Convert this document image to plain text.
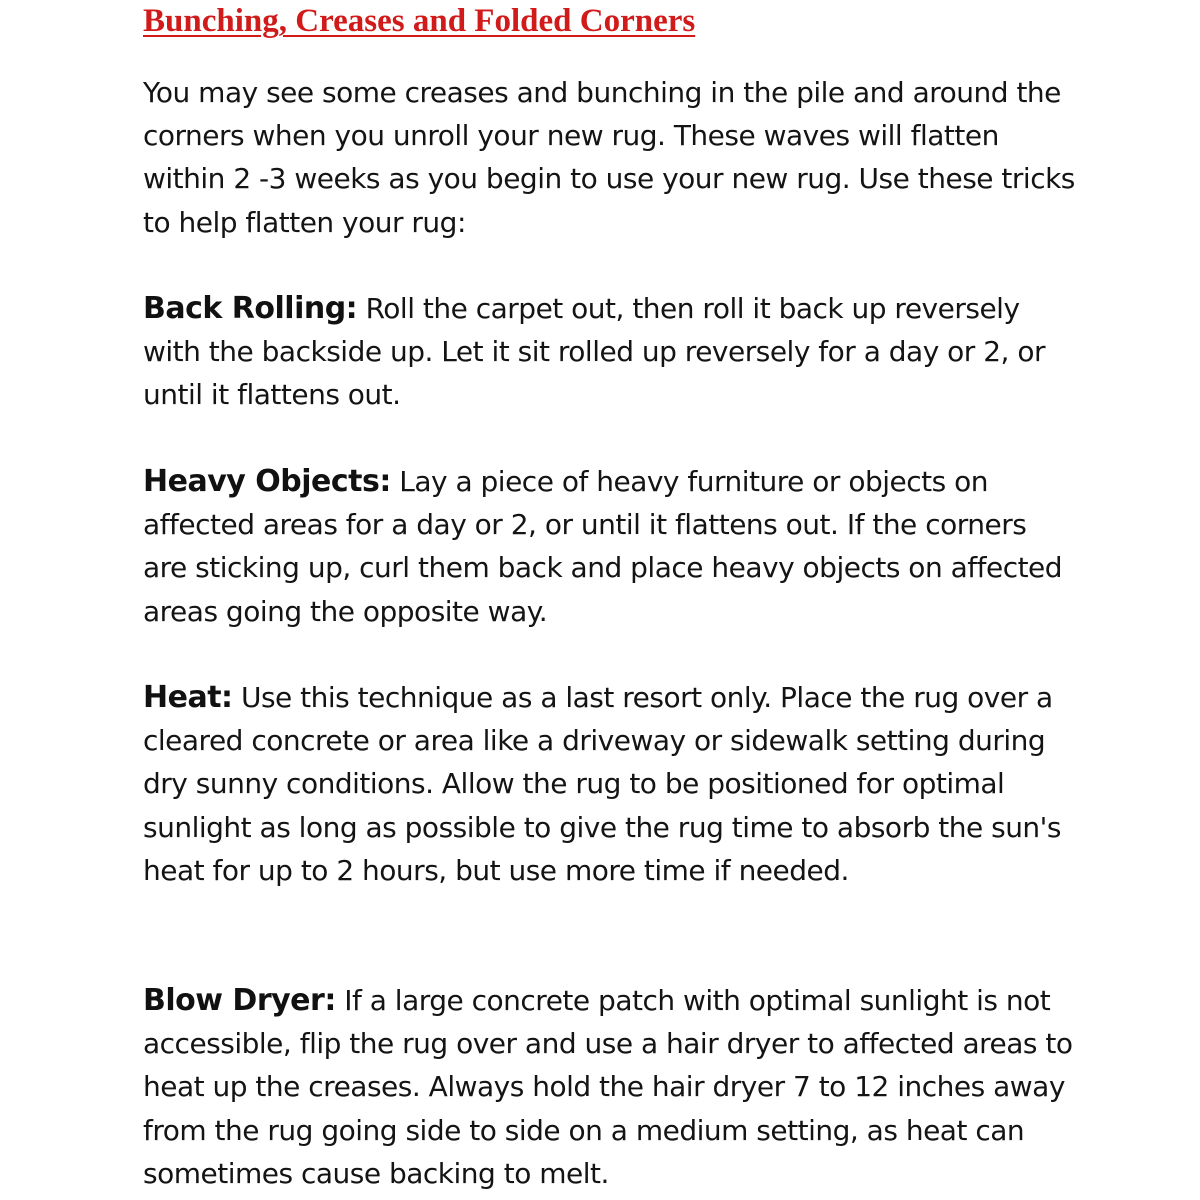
Bunching, Creases and Folded Corners

You may see some creases and bunching in the pile and around the corners when you unroll your new rug. These waves will flatten within 2 -3 weeks as you begin to use your new rug. Use these tricks to help flatten your rug:

Back Rolling: Roll the carpet out, then roll it back up reversely with the backside up. Let it sit rolled up reversely for a day or 2, or until it flattens out.

Heavy Objects: Lay a piece of heavy furniture or objects on affected areas for a day or 2, or until it flattens out. If the corners are sticking up, curl them back and place heavy objects on affected areas going the opposite way.

Heat: Use this technique as a last resort only. Place the rug over a cleared concrete or area like a driveway or sidewalk setting during dry sunny conditions. Allow the rug to be positioned for optimal sunlight as long as possible to give the rug time to absorb the sun's heat for up to 2 hours, but use more time if needed.

Blow Dryer: If a large concrete patch with optimal sunlight is not accessible, flip the rug over and use a hair dryer to affected areas to heat up the creases. Always hold the hair dryer 7 to 12 inches away from the rug going side to side on a medium setting, as heat can sometimes cause backing to melt.
